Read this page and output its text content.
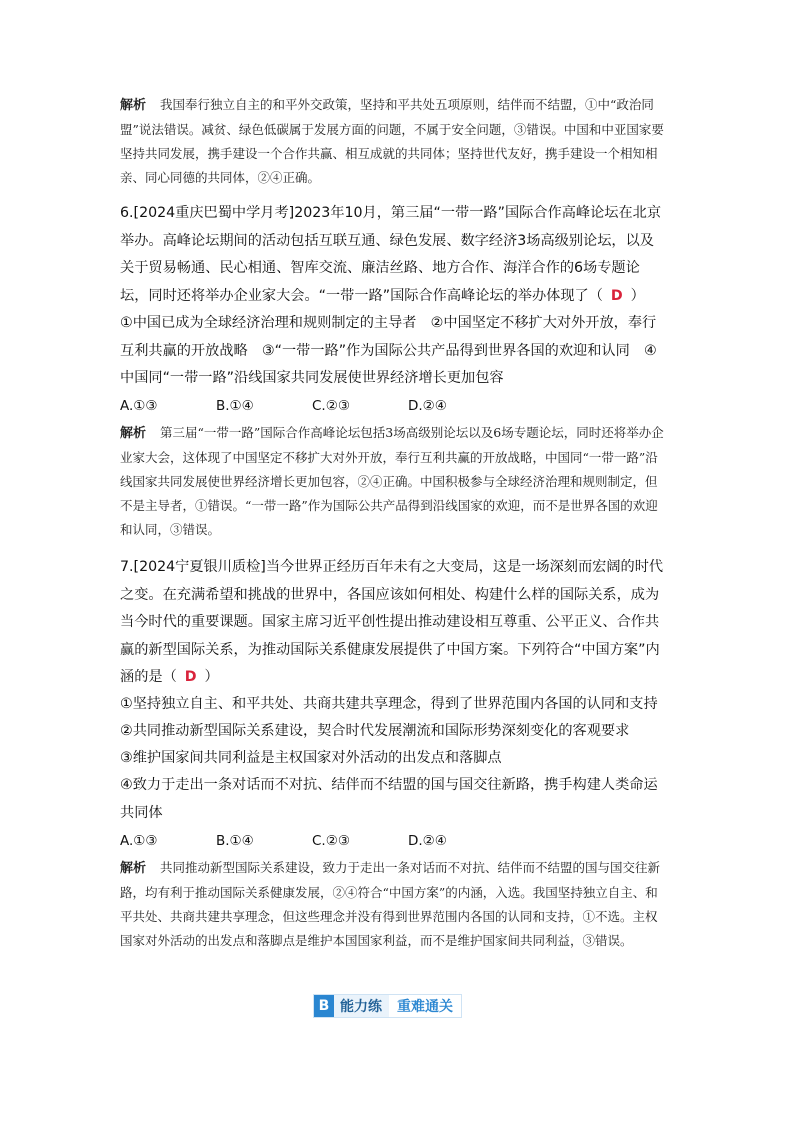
解析 我国奉行独立自主的和平外交政策，坚持和平共处五项原则，结伴而不结盟，①中“政治同盟”说法错误。减贫、绿色低碳属于发展方面的问题，不属于安全问题，③错误。中国和中亚国家要坚持共同发展，携手建设一个合作共赢、相互成就的共同体；坚持世代友好，携手建设一个相知相亲、同心同德的共同体，②④正确。
6.[2024重庆巴蜀中学月考]2023年10月，第三届“一带一路”国际合作高峰论坛在北京举办。高峰论坛期间的活动包括互联互通、绿色发展、数字经济3场高级别论坛，以及关于贸易畅通、民心相通、智库交流、廉洁丝路、地方合作、海洋合作的6场专题论坛，同时还将举办企业家大会。“一带一路”国际合作高峰论坛的举办体现了（ D ）
①中国已成为全球经济治理和规则制定的主导者　②中国坚定不移扩大对外开放，奉行互利共赢的开放战略　③“一带一路”作为国际公共产品得到世界各国的欢迎和认同　④中国同“一带一路”沿线国家共同发展使世界经济增长更加包容
A.①③	B.①④	C.②③	D.②④
解析 第三届“一带一路”国际合作高峰论坛包括3场高级别论坛以及6场专题论坛，同时还将举办企业家大会，这体现了中国坚定不移扩大对外开放，奉行互利共赢的开放战略，中国同“一带一路”沿线国家共同发展使世界经济增长更加包容，②④正确。中国积极参与全球经济治理和规则制定，但不是主导者，①错误。“一带一路”作为国际公共产品得到沿线国家的欢迎，而不是世界各国的欢迎和认同，③错误。
7.[2024宁夏银川质检]当今世界正经历百年未有之大变局，这是一场深刻而宏阔的时代之变。在充满希望和挑战的世界中，各国应该如何相处、构建什么样的国际关系，成为当今时代的重要课题。国家主席习近平创性提出推动建设相互尊重、公平正义、合作共赢的新型国际关系，为推动国际关系健康发展提供了中国方案。下列符合“中国方案”内涵的是（ D ）
①坚持独立自主、和平共处、共商共建共享理念，得到了世界范围内各国的认同和支持
②共同推动新型国际关系建设，契合时代发展潮流和国际形势深刻变化的客观要求
③维护国家间共同利益是主权国家对外活动的出发点和落脚点
④致力于走出一条对话而不对抗、结伴而不结盟的国与国交往新路，携手构建人类命运共同体
A.①③	B.①④	C.②③	D.②④
解析 共同推动新型国际关系建设，致力于走出一条对话而不对抗、结伴而不结盟的国与国交往新路，均有利于推动国际关系健康发展，②④符合“中国方案”的内涵，入选。我国坚持独立自主、和平共处、共商共建共享理念，但这些理念并没有得到世界范围内各国的认同和支持，①不选。主权国家对外活动的出发点和落脚点是维护本国国家利益，而不是维护国家间共同利益，③错误。
B 能力练	重难通关
